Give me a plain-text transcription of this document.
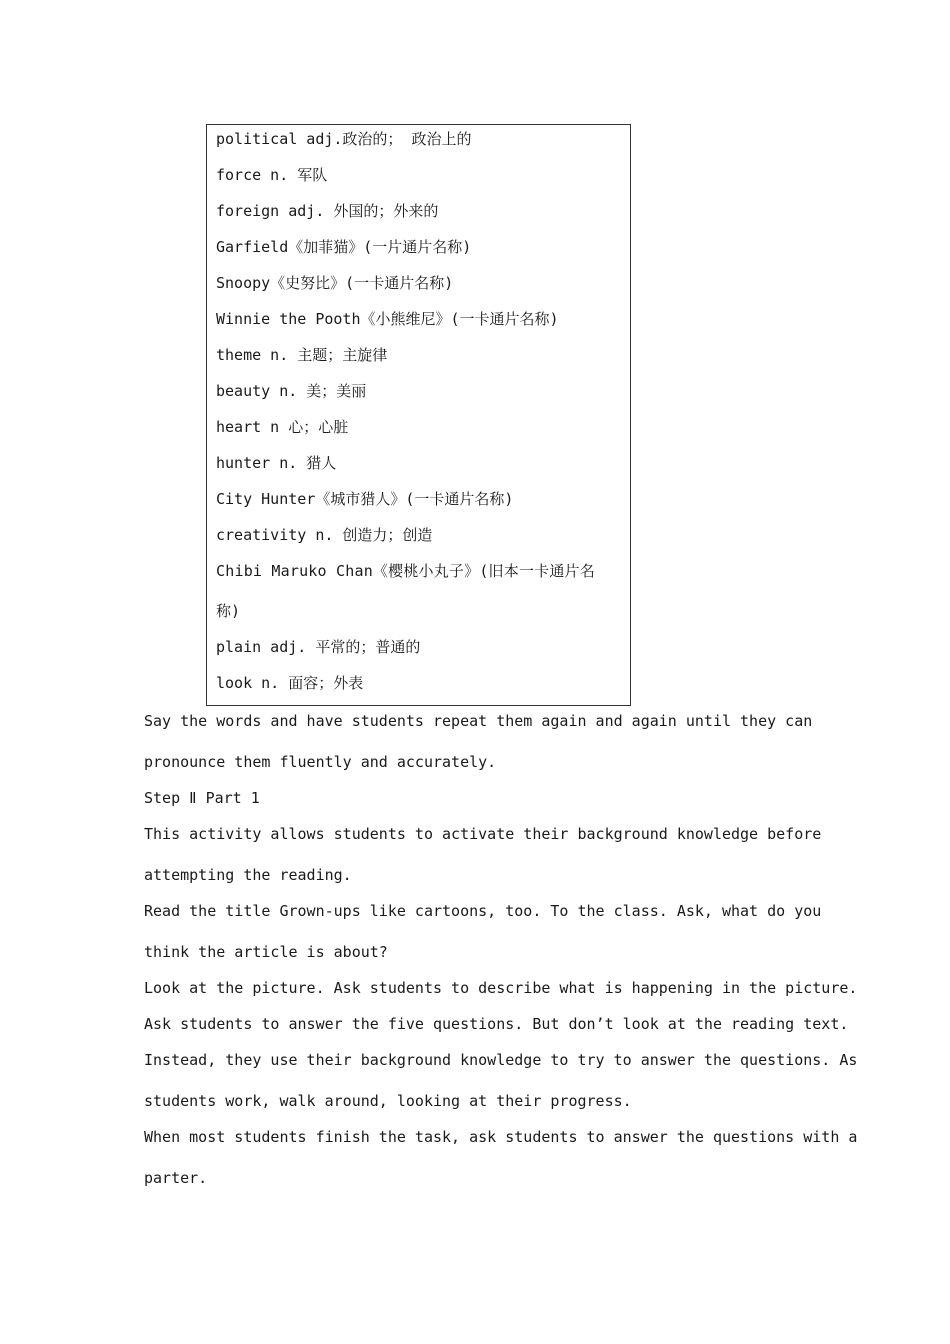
political adj.政治的； 政治上的
force n. 军队
foreign adj. 外国的；外来的
Garfield《加菲猫》(一片通片名称)
Snoopy《史努比》(一卡通片名称)
Winnie the Pooth《小熊维尼》(一卡通片名称)
theme n. 主题；主旋律
beauty n. 美；美丽
heart n 心；心脏
hunter n. 猎人
City Hunter《城市猎人》(一卡通片名称)
creativity n. 创造力；创造
Chibi Maruko Chan《樱桃小丸子》(旧本一卡通片名
称)
plain adj. 平常的；普通的
look n. 面容；外表
Say the words and have students repeat them again and again until they can
pronounce them fluently and accurately.
Step Ⅱ Part 1
This activity allows students to activate their background knowledge before
attempting the reading.
Read the title Grown-ups like cartoons, too. To the class. Ask, what do you
think the article is about?
Look at the picture. Ask students to describe what is happening in the picture.
Ask students to answer the five questions. But don’t look at the reading text.
Instead, they use their background knowledge to try to answer the questions. As
students work, walk around, looking at their progress.
When most students finish the task, ask students to answer the questions with a
parter.
